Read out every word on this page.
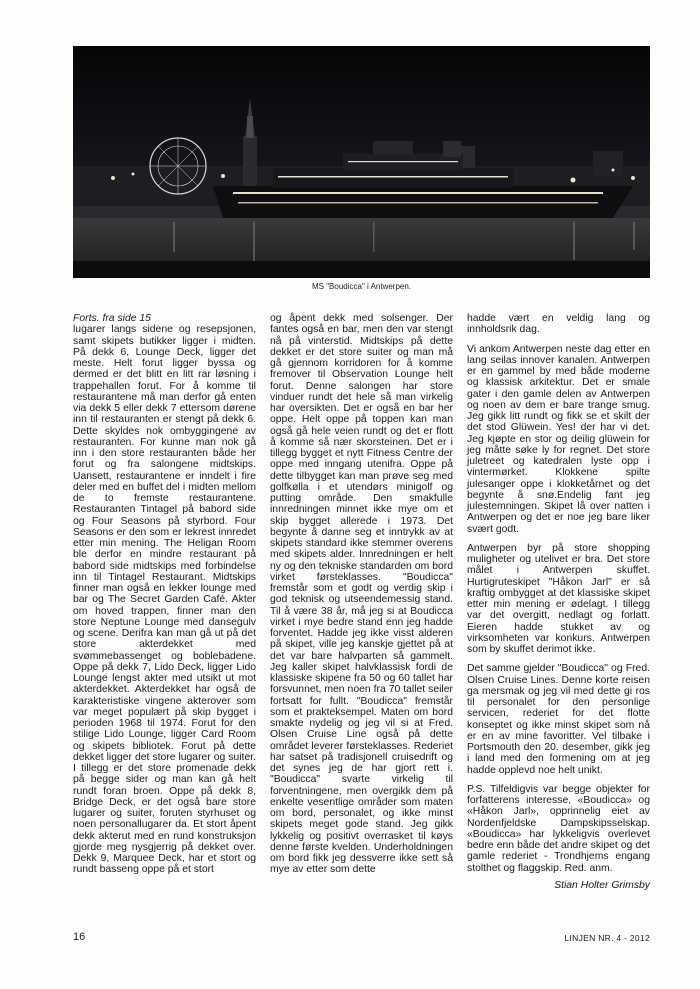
MS "Boudicca" i Antwerpen.

Forts. fra side 15
lugarer langs sidene og resepsjonen, samt skipets butikker ligger i midten. På dekk 6, Lounge Deck, ligger det meste. Helt forut ligger byssa og dermed er det blitt en litt rar løsning i trappehallen forut. For å komme til restaurantene må man derfor gå enten via dekk 5 eller dekk 7 ettersom dørene inn til restauranten er stengt på dekk 6. Dette skyldes nok ombyggingene av restauranten. For kunne man nok gå inn i den store restauranten både her forut og fra salongene midtskips. Uansett, restaurantene er inndelt i fire deler med en buffet del i midten mellom de to fremste restaurantene. Restauranten Tintagel på babord side og Four Seasons på styrbord. Four Seasons er den som er lekrest innredet etter min mening. The Heligan Room ble derfor en mindre restaurant på babord side midtskips med forbindelse inn til Tintagel Restaurant. Midtskips finner man også en lekker lounge med bar og The Secret Garden Café. Akter om hoved trappen, finner man den store Neptune Lounge med dansegulv og scene. Derifra kan man gå ut på det store akterdekket med svømmebassenget og boblebadene. Oppe på dekk 7, Lido Deck, ligger Lido Lounge lengst akter med utsikt ut mot akterdekket. Akterdekket har også de karakteristiske vingene akterover som var meget populært på skip bygget i perioden 1968 til 1974. Forut for den stilige Lido Lounge, ligger Card Room og skipets bibliotek. Forut på dette dekket ligger det store lugarer og suiter. I tillegg er det store promenade dekk på begge sider og man kan gå helt rundt foran broen. Oppe på dekk 8, Bridge Deck, er det også bare store lugarer og suiter, foruten styrhuset og noen personallugarer da. Et stort åpent dekk akterut med en rund konstruksjon gjorde meg nysgjerrig på dekket over. Dekk 9, Marquee Deck, har et stort og rundt basseng oppe på et stort

og åpent dekk med solsenger. Der fantes også en bar, men den var stengt nå på vinterstid. Midtskips på dette dekket er det store suiter og man må gå gjennom korridoren for å komme fremover til Observation Lounge helt forut. Denne salongen har store vinduer rundt det hele så man virkelig har oversikten. Det er også en bar her oppe. Helt oppe på toppen kan man også gå hele veien rundt og det er flott å komme så nær skorsteinen. Det er i tillegg bygget et nytt Fitness Centre der oppe med inngang utenifra. Oppe på dette tilbygget kan man prøve seg med golfkølla i et utendørs minigolf og putting område. Den smakfulle innredningen minnet ikke mye om et skip bygget allerede i 1973. Det begynte å danne seg et inntrykk av at skipets standard ikke stemmer overens med skipets alder. Innredningen er helt ny og den tekniske standarden om bord virket førsteklasses. "Boudicca" fremstår som et godt og verdig skip i god teknisk og utseendemessig stand. Til å være 38 år, må jeg si at Boudicca virket i mye bedre stand enn jeg hadde forventet. Hadde jeg ikke visst alderen på skipet, ville jeg kanskje gjettet på at det var bare halvparten så gammelt. Jeg kaller skipet halvklassisk fordi de klassiske skipene fra 50 og 60 tallet har forsvunnet, men noen fra 70 tallet seiler fortsatt for fullt. "Boudicca" fremstår som et prakteksempel. Maten om bord smakte nydelig og jeg vil si at Fred. Olsen Cruise Line også på dette området leverer førsteklasses. Rederiet har satset på tradisjonell cruisedrift og det synes jeg de har gjort rett i. "Boudicca" svarte virkelig til forventningene, men overgikk dem på enkelte vesentlige områder som maten om bord, personalet, og ikke minst skipets meget gode stand. Jeg gikk lykkelig og positivt overrasket til køys denne første kvelden. Underholdningen om bord fikk jeg dessverre ikke sett så mye av etter som dette

hadde vært en veldig lang og innholdsrik dag.

Vi ankom Antwerpen neste dag etter en lang seilas innover kanalen. Antwerpen er en gammel by med både moderne og klassisk arkitektur. Det er smale gater i den gamle delen av Antwerpen og noen av dem er bare trange smug. Jeg gikk litt rundt og fikk se et skilt der det stod Glüwein. Yes! der har vi det. Jeg kjøpte en stor og deilig glüwein for jeg måtte søke ly for regnet. Det store juletreet og katedralen lyste opp i vintermørket. Klokkene spilte julesanger oppe i klokketårnet og det begynte å snø.Endelig fant jeg julestemningen. Skipet lå over natten i Antwerpen og det er noe jeg bare liker svært godt.

Antwerpen byr på store shopping muligheter og utelivet er bra. Det store målet i Antwerpen skuffet. Hurtigruteskipet "Håkon Jarl" er så kraftig ombygget at det klassiske skipet etter min mening er ødelagt. I tillegg var det overgitt, nedlagt og forlatt. Eieren hadde stukket av og virksomheten var konkurs. Antwerpen som by skuffet derimot ikke.

Det samme gjelder "Boudicca" og Fred. Olsen Cruise Lines. Denne korte reisen ga mersmak og jeg vil med dette gi ros til personalet for den personlige servicen, rederiet for det flotte konseptet og ikke minst skipet som nå er en av mine favoritter. Vel tilbake i Portsmouth den 20. desember, gikk jeg i land med den formening om at jeg hadde opplevd noe helt unikt.

P.S. Tilfeldigvis var begge objekter for forfatterens interesse, «Boudicca» og «Håkon Jarl», opprinnelig eiet av Nordenfjeldske Dampskipsselskap. «Boudicca» har lykkeligvis overlevet bedre enn både det andre skipet og det gamle rederiet - Trondhjems engang stolthet og flaggskip. Red. anm.

Stian Holter Grimsby

16	LINJEN NR. 4 - 2012
